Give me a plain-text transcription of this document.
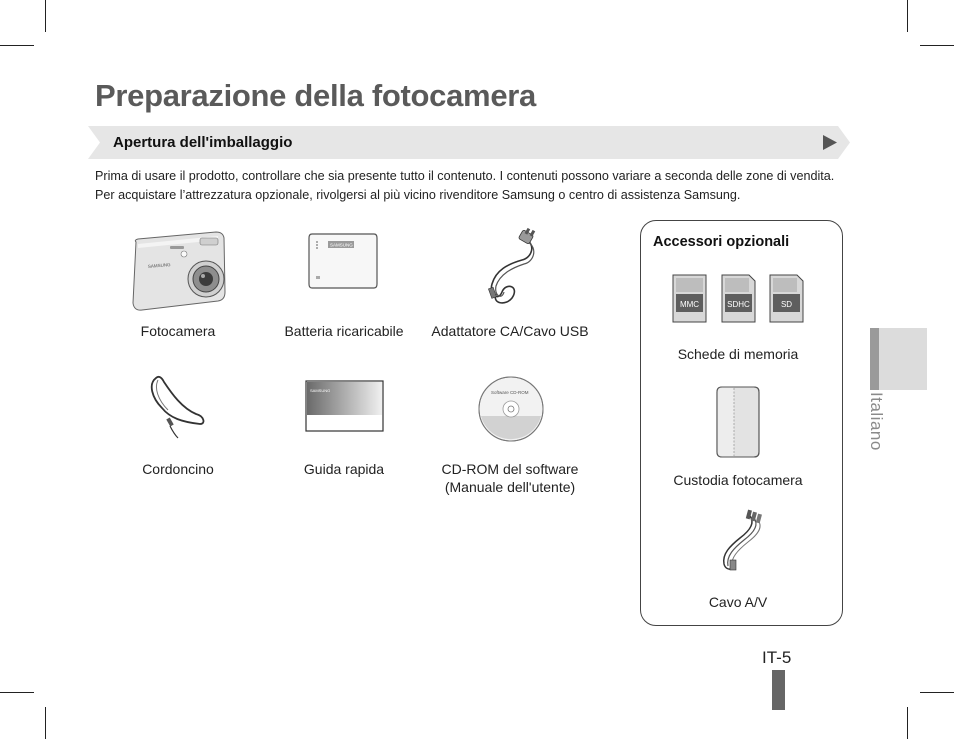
Preparazione della fotocamera
Apertura dell'imballaggio
Prima di usare il prodotto, controllare che sia presente tutto il contenuto. I contenuti possono variare a seconda delle zone di vendita. Per acquistare l’attrezzatura opzionale, rivolgersi al più vicino rivenditore Samsung o centro di assistenza Samsung.
SAMSUNG
Fotocamera
SAMSUNG
Batteria ricaricabile	Adattatore CA/Cavo USB
Cordoncino
SAMSUNG
Guida rapida
Software CD-ROM
CD-ROM del software
(Manuale dell'utente)
Accessori opzionali
MMC	SDHC	SD
Schede di memoria
Custodia fotocamera
Cavo A/V
Italiano
IT-5
